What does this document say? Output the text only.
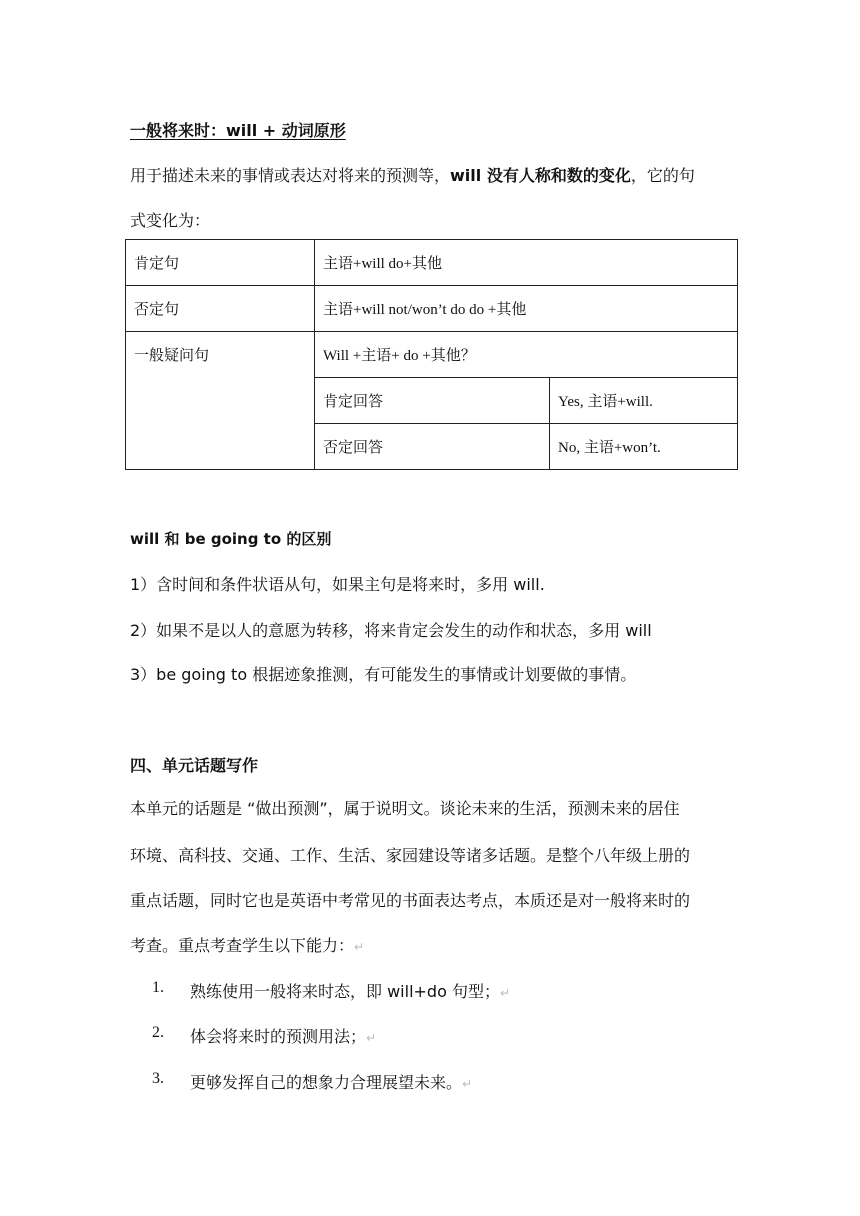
一般将来时：will + 动词原形
用于描述未来的事情或表达对将来的预测等，will 没有人称和数的变化，它的句
式变化为：
肯定句	主语+will do+其他	
否定句	主语+will not/won’t do do +其他	
一般疑问句	Will +主语+ do +其他？	
	肯定回答	Yes, 主语+will.
	否定回答	No, 主语+won’t.
will 和 be going to 的区别
1）含时间和条件状语从句，如果主句是将来时，多用 will.
2）如果不是以人的意愿为转移，将来肯定会发生的动作和状态，多用 will
3）be going to 根据迹象推测，有可能发生的事情或计划要做的事情。
四、单元话题写作
本单元的话题是 “做出预测”，属于说明文。谈论未来的生活，预测未来的居住
环境、高科技、交通、工作、生活、家园建设等诸多话题。是整个八年级上册的
重点话题，同时它也是英语中考常见的书面表达考点，本质还是对一般将来时的
考查。重点考查学生以下能力：↵
1. 熟练使用一般将来时态，即 will+do 句型；↵
2. 体会将来时的预测用法；↵
3. 更够发挥自己的想象力合理展望未来。↵
